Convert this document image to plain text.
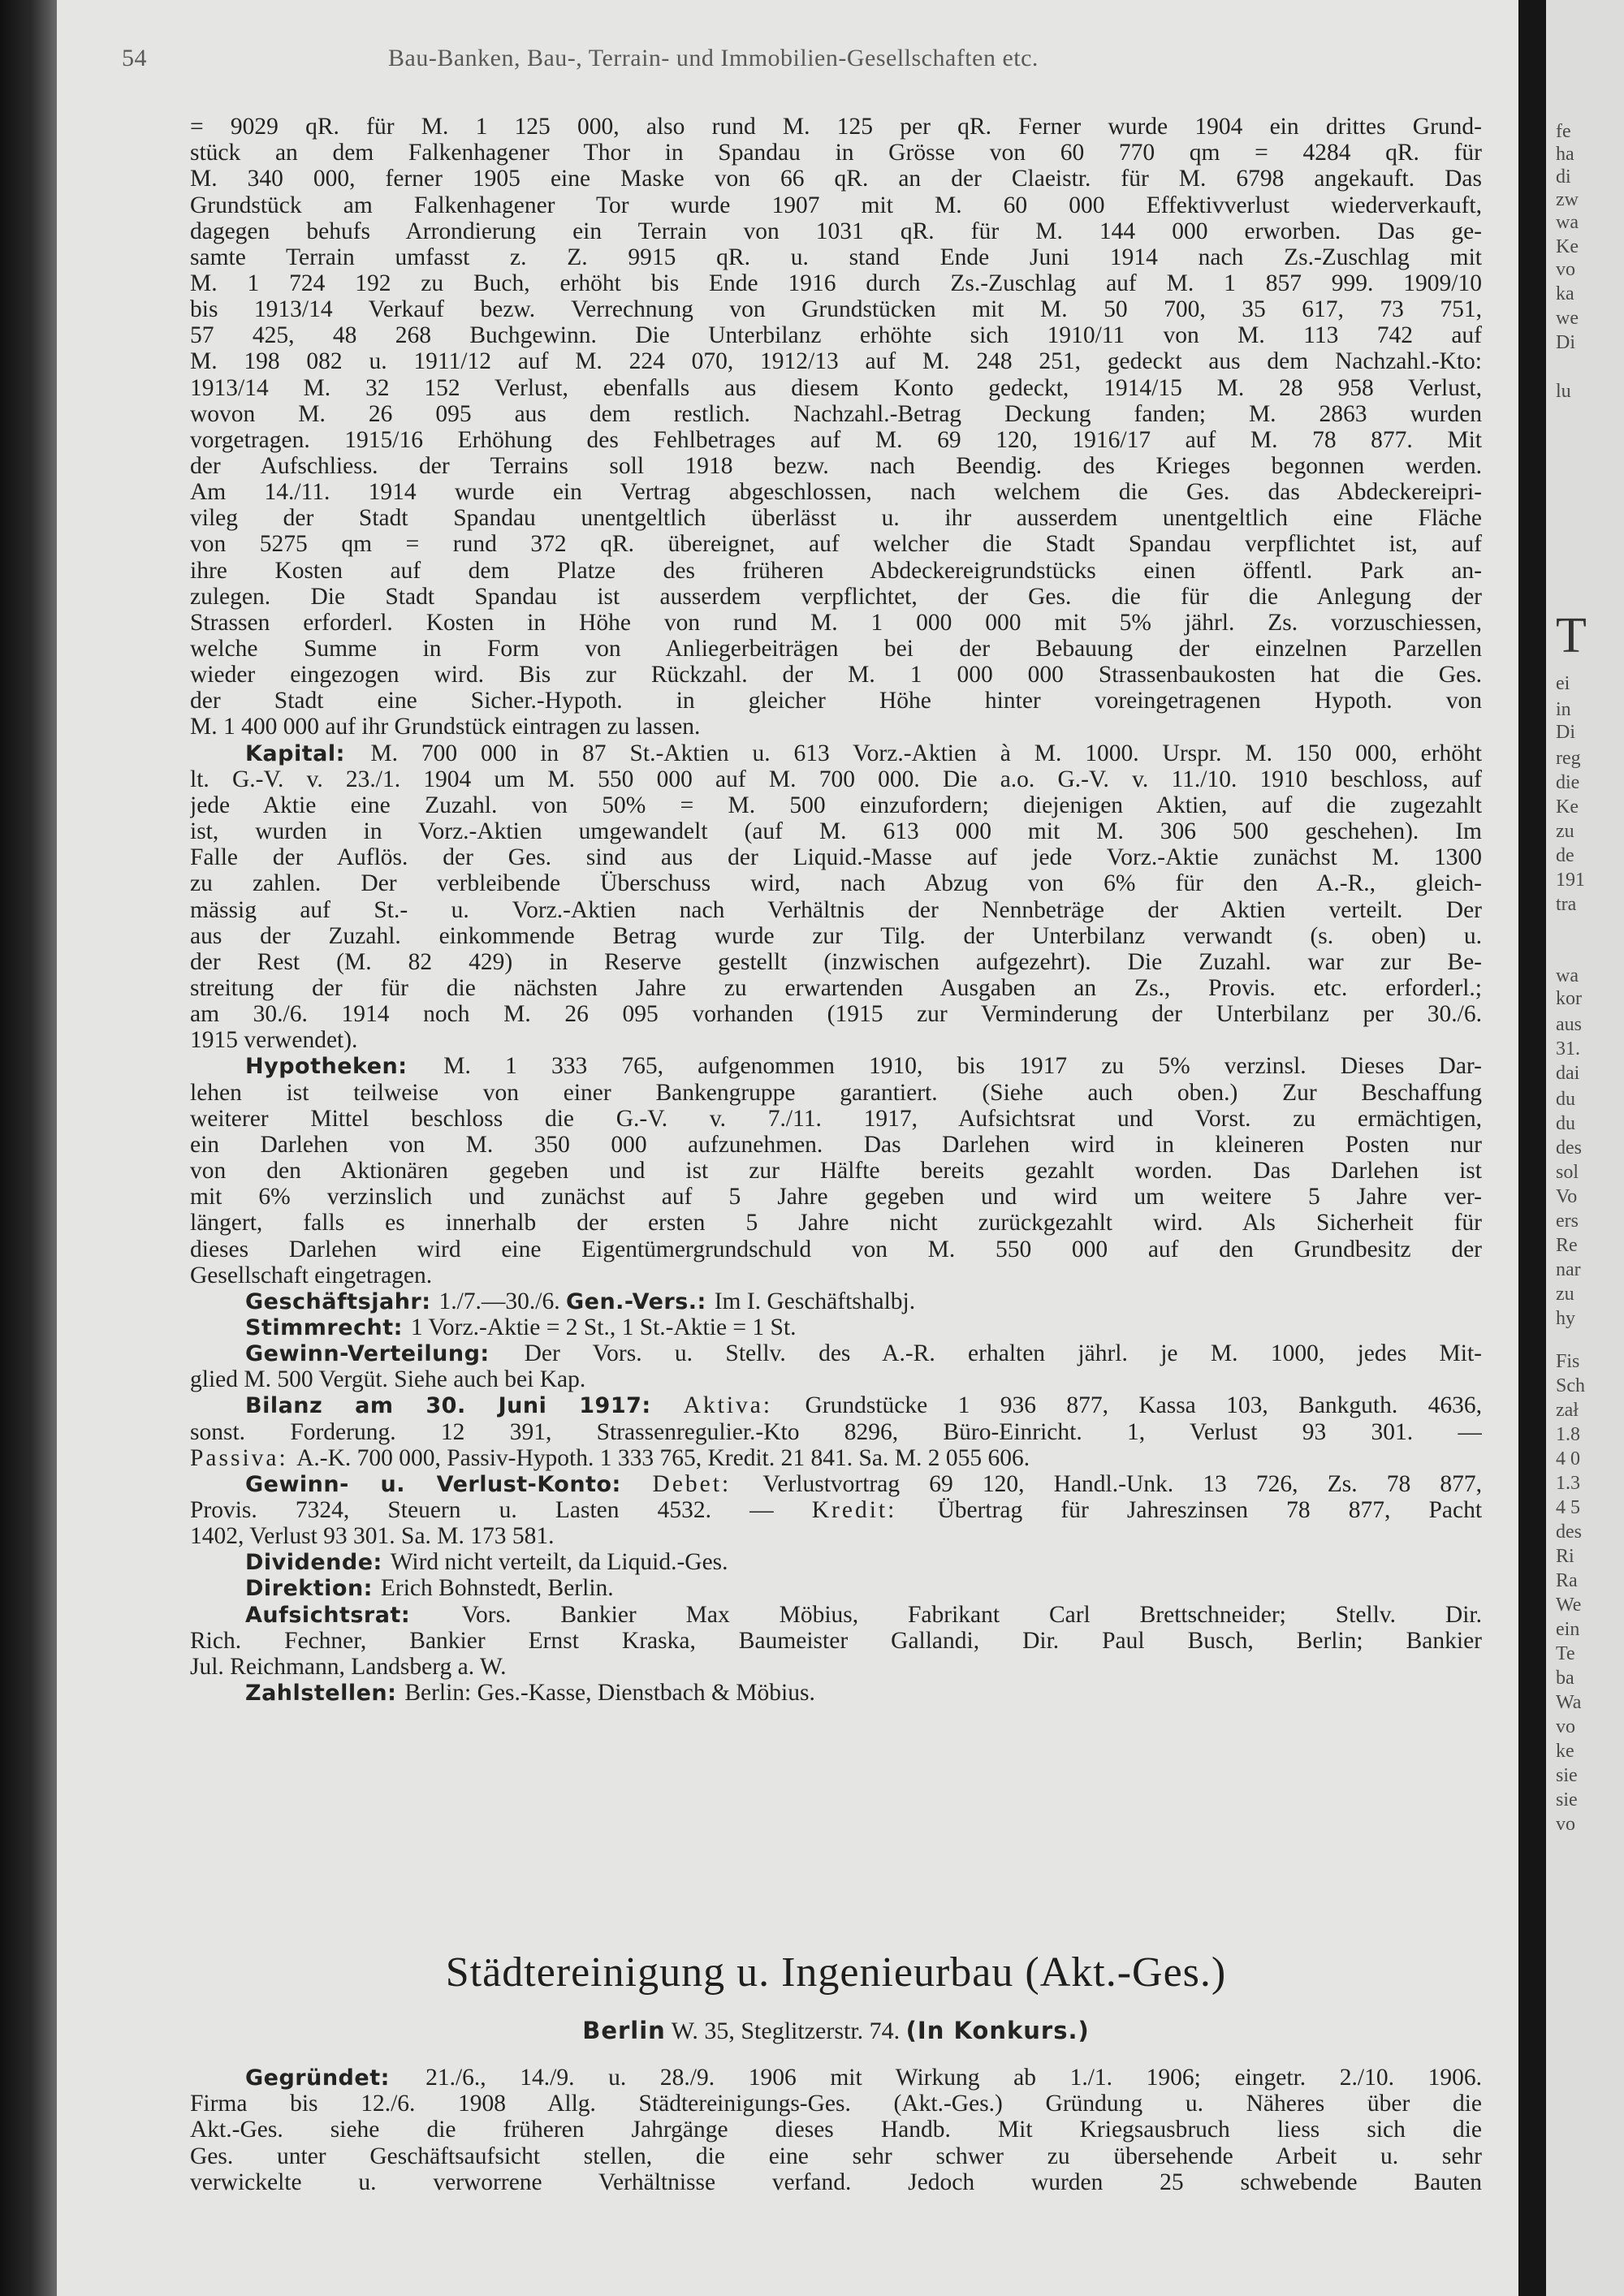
fe
ha
di
zw
wa
Ke
vo
ka
we
Di
lu
T
ei
in
Di
reg
die
Ke
zu
de
191
tra
wa
kor
aus
31.
dai
du
du
des
sol
Vo
ers
Re
nar
zu
hy
Fis
Sch
zał
1.8
4 0
1.3
4 5
des
Ri
Ra
We
ein
Te
ba
Wa
vo
ke
sie
sie
vo
54	Bau-Banken, Bau-, Terrain- und Immobilien-Gesellschaften etc.
= 9029 qR. für M. 1 125 000, also rund M. 125 per qR. Ferner wurde 1904 ein drittes Grund-
stück an dem Falkenhagener Thor in Spandau in Grösse von 60 770 qm = 4284 qR. für
M. 340 000, ferner 1905 eine Maske von 66 qR. an der Claeistr. für M. 6798 angekauft. Das
Grundstück am Falkenhagener Tor wurde 1907 mit M. 60 000 Effektivverlust wiederverkauft,
dagegen behufs Arrondierung ein Terrain von 1031 qR. für M. 144 000 erworben. Das ge-
samte Terrain umfasst z. Z. 9915 qR. u. stand Ende Juni 1914 nach Zs.-Zuschlag mit
M. 1 724 192 zu Buch, erhöht bis Ende 1916 durch Zs.-Zuschlag auf M. 1 857 999. 1909/10
bis 1913/14 Verkauf bezw. Verrechnung von Grundstücken mit M. 50 700, 35 617, 73 751,
57 425, 48 268 Buchgewinn. Die Unterbilanz erhöhte sich 1910/11 von M. 113 742 auf
M. 198 082 u. 1911/12 auf M. 224 070, 1912/13 auf M. 248 251, gedeckt aus dem Nachzahl.-Kto:
1913/14 M. 32 152 Verlust, ebenfalls aus diesem Konto gedeckt, 1914/15 M. 28 958 Verlust,
wovon M. 26 095 aus dem restlich. Nachzahl.-Betrag Deckung fanden; M. 2863 wurden
vorgetragen. 1915/16 Erhöhung des Fehlbetrages auf M. 69 120, 1916/17 auf M. 78 877. Mit
der Aufschliess. der Terrains soll 1918 bezw. nach Beendig. des Krieges begonnen werden.
Am 14./11. 1914 wurde ein Vertrag abgeschlossen, nach welchem die Ges. das Abdeckereipri-
vileg der Stadt Spandau unentgeltlich überlässt u. ihr ausserdem unentgeltlich eine Fläche
von 5275 qm = rund 372 qR. übereignet, auf welcher die Stadt Spandau verpflichtet ist, auf
ihre Kosten auf dem Platze des früheren Abdeckereigrundstücks einen öffentl. Park an-
zulegen. Die Stadt Spandau ist ausserdem verpflichtet, der Ges. die für die Anlegung der
Strassen erforderl. Kosten in Höhe von rund M. 1 000 000 mit 5% jährl. Zs. vorzuschiessen,
welche Summe in Form von Anliegerbeiträgen bei der Bebauung der einzelnen Parzellen
wieder eingezogen wird. Bis zur Rückzahl. der M. 1 000 000 Strassenbaukosten hat die Ges.
der Stadt eine Sicher.-Hypoth. in gleicher Höhe hinter voreingetragenen Hypoth. von
M. 1 400 000 auf ihr Grundstück eintragen zu lassen.
Kapital: M. 700 000 in 87 St.-Aktien u. 613 Vorz.-Aktien à M. 1000. Urspr. M. 150 000, erhöht
lt. G.-V. v. 23./1. 1904 um M. 550 000 auf M. 700 000. Die a.o. G.-V. v. 11./10. 1910 beschloss, auf
jede Aktie eine Zuzahl. von 50% = M. 500 einzufordern; diejenigen Aktien, auf die zugezahlt
ist, wurden in Vorz.-Aktien umgewandelt (auf M. 613 000 mit M. 306 500 geschehen). Im
Falle der Auflös. der Ges. sind aus der Liquid.-Masse auf jede Vorz.-Aktie zunächst M. 1300
zu zahlen. Der verbleibende Überschuss wird, nach Abzug von 6% für den A.-R., gleich-
mässig auf St.- u. Vorz.-Aktien nach Verhältnis der Nennbeträge der Aktien verteilt. Der
aus der Zuzahl. einkommende Betrag wurde zur Tilg. der Unterbilanz verwandt (s. oben) u.
der Rest (M. 82 429) in Reserve gestellt (inzwischen aufgezehrt). Die Zuzahl. war zur Be-
streitung der für die nächsten Jahre zu erwartenden Ausgaben an Zs., Provis. etc. erforderl.;
am 30./6. 1914 noch M. 26 095 vorhanden (1915 zur Verminderung der Unterbilanz per 30./6.
1915 verwendet).
Hypotheken: M. 1 333 765, aufgenommen 1910, bis 1917 zu 5% verzinsl. Dieses Dar-
lehen ist teilweise von einer Bankengruppe garantiert. (Siehe auch oben.) Zur Beschaffung
weiterer Mittel beschloss die G.-V. v. 7./11. 1917, Aufsichtsrat und Vorst. zu ermächtigen,
ein Darlehen von M. 350 000 aufzunehmen. Das Darlehen wird in kleineren Posten nur
von den Aktionären gegeben und ist zur Hälfte bereits gezahlt worden. Das Darlehen ist
mit 6% verzinslich und zunächst auf 5 Jahre gegeben und wird um weitere 5 Jahre ver-
längert, falls es innerhalb der ersten 5 Jahre nicht zurückgezahlt wird. Als Sicherheit für
dieses Darlehen wird eine Eigentümergrundschuld von M. 550 000 auf den Grundbesitz der
Gesellschaft eingetragen.
Geschäftsjahr: 1./7.—30./6. Gen.-Vers.: Im I. Geschäftshalbj.
Stimmrecht: 1 Vorz.-Aktie = 2 St., 1 St.-Aktie = 1 St.
Gewinn-Verteilung: Der Vors. u. Stellv. des A.-R. erhalten jährl. je M. 1000, jedes Mit-
glied M. 500 Vergüt. Siehe auch bei Kap.
Bilanz am 30. Juni 1917: Aktiva: Grundstücke 1 936 877, Kassa 103, Bankguth. 4636,
sonst. Forderung. 12 391, Strassenregulier.-Kto 8296, Büro-Einricht. 1, Verlust 93 301. —
Passiva: A.-K. 700 000, Passiv-Hypoth. 1 333 765, Kredit. 21 841. Sa. M. 2 055 606.
Gewinn- u. Verlust-Konto: Debet: Verlustvortrag 69 120, Handl.-Unk. 13 726, Zs. 78 877,
Provis. 7324, Steuern u. Lasten 4532. — Kredit: Übertrag für Jahreszinsen 78 877, Pacht
1402, Verlust 93 301. Sa. M. 173 581.
Dividende: Wird nicht verteilt, da Liquid.-Ges.
Direktion: Erich Bohnstedt, Berlin.
Aufsichtsrat: Vors. Bankier Max Möbius, Fabrikant Carl Brettschneider; Stellv. Dir.
Rich. Fechner, Bankier Ernst Kraska, Baumeister Gallandi, Dir. Paul Busch, Berlin; Bankier
Jul. Reichmann, Landsberg a. W.
Zahlstellen: Berlin: Ges.-Kasse, Dienstbach & Möbius.
Gegründet: 21./6., 14./9. u. 28./9. 1906 mit Wirkung ab 1./1. 1906; eingetr. 2./10. 1906.
Firma bis 12./6. 1908 Allg. Städtereinigungs-Ges. (Akt.-Ges.) Gründung u. Näheres über die
Akt.-Ges. siehe die früheren Jahrgänge dieses Handb. Mit Kriegsausbruch liess sich die
Ges. unter Geschäftsaufsicht stellen, die eine sehr schwer zu übersehende Arbeit u. sehr
verwickelte u. verworrene Verhältnisse verfand. Jedoch wurden 25 schwebende Bauten
Städtereinigung u. Ingenieurbau (Akt.-Ges.)
Berlin W. 35, Steglitzerstr. 74. (In Konkurs.)
